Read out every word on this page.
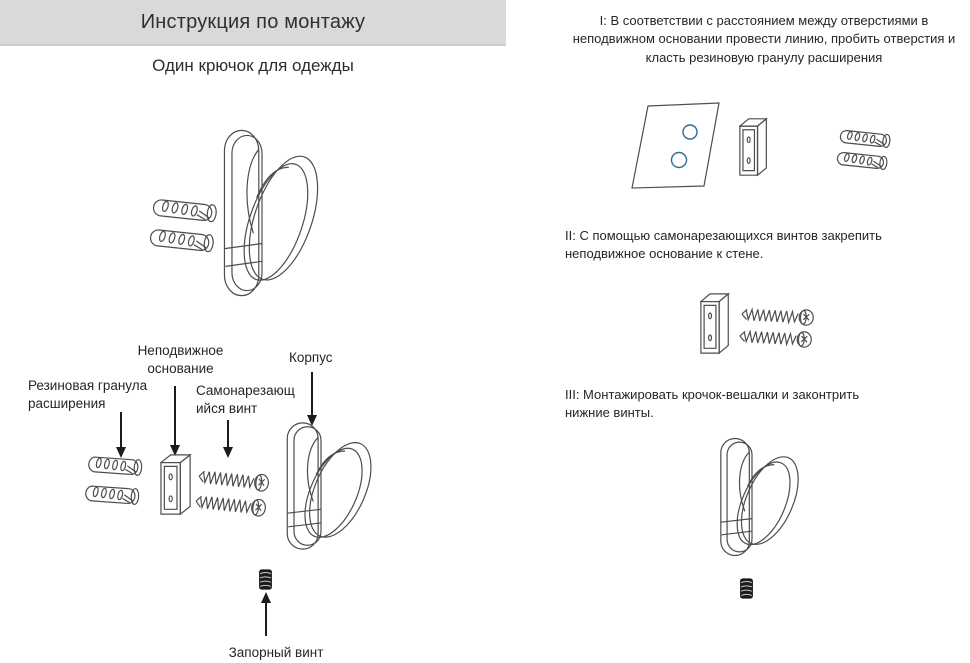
Инструкция по монтажу
Один крючок для одежды
Неподвижное основание
Корпус
Резиновая гранула расширения
Самонарезающийся винт
Запорный винт
I: В соответствии с расстоянием между отверстиями в неподвижном основании провести линию, пробить отверстия и класть резиновую гранулу расширения
II: С помощью самонарезающихся винтов закрепить неподвижное основание к стене.
III: Монтажировать крочок-вешалки и законтрить нижние винты.
